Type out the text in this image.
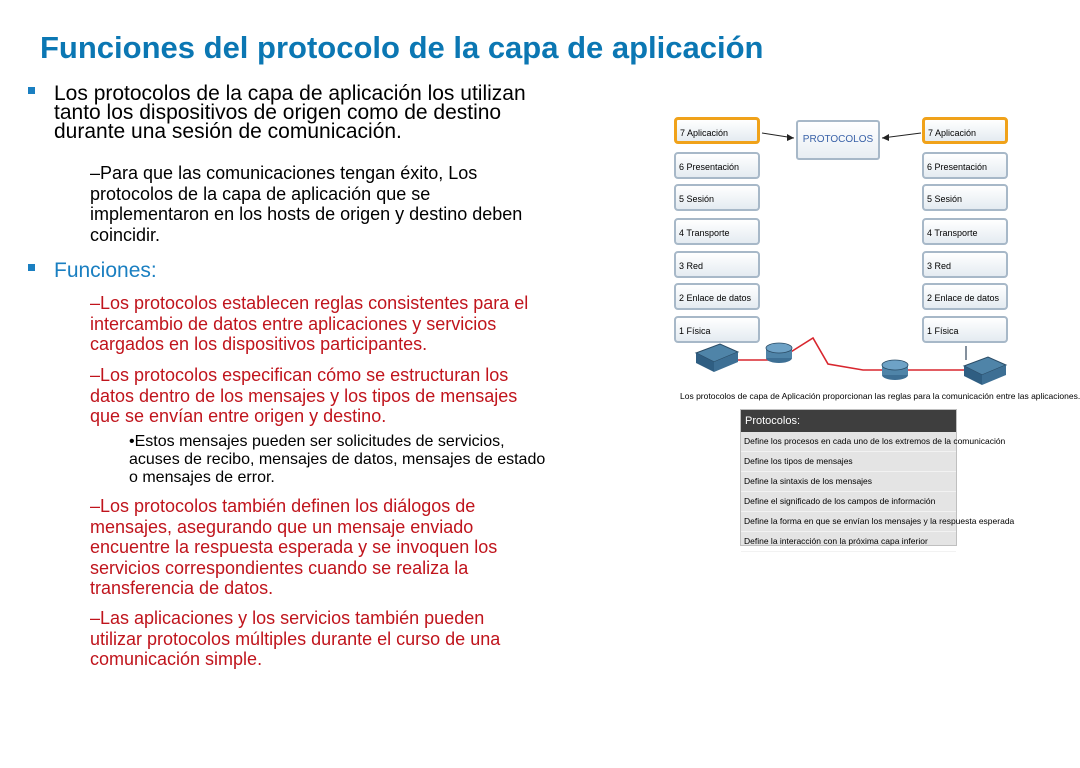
Funciones del protocolo de la capa de aplicación
Los protocolos de la capa de aplicación los utilizan
tanto los dispositivos de origen como de destino
durante una sesión de comunicación.
–Para que las comunicaciones tengan éxito, Los
protocolos de la capa de aplicación que se
implementaron en los hosts de origen y destino deben
coincidir.
Funciones:
–Los protocolos establecen reglas consistentes para el
intercambio de datos entre aplicaciones y servicios
cargados en los dispositivos participantes.
–Los protocolos especifican cómo se estructuran los
datos dentro de los mensajes y los tipos de mensajes
que se envían entre origen y destino.
•Estos mensajes pueden ser solicitudes de servicios,
acuses de recibo, mensajes de datos, mensajes de estado
o mensajes de error.
–Los protocolos también definen los diálogos de
mensajes, asegurando que un mensaje enviado
encuentre la respuesta esperada y se invoquen los
servicios correspondientes cuando se realiza la
transferencia de datos.
–Las aplicaciones y los servicios también pueden
utilizar protocolos múltiples durante el curso de una
comunicación simple.
7 Aplicación
6 Presentación
5 Sesión
4 Transporte
3 Red
2 Enlace de datos
1 Física
PROTOCOLOS
7 Aplicación
6 Presentación
5 Sesión
4 Transporte
3 Red
2 Enlace de datos
1 Física
Los protocolos de capa de Aplicación proporcionan las reglas para la comunicación entre las aplicaciones.
Protocolos:
Define los procesos en cada uno de los extremos de la comunicación
Define los tipos de mensajes
Define la sintaxis de los mensajes
Define el significado de los campos de información
Define la forma en que se envían los mensajes y la respuesta esperada
Define la interacción con la próxima capa inferior
